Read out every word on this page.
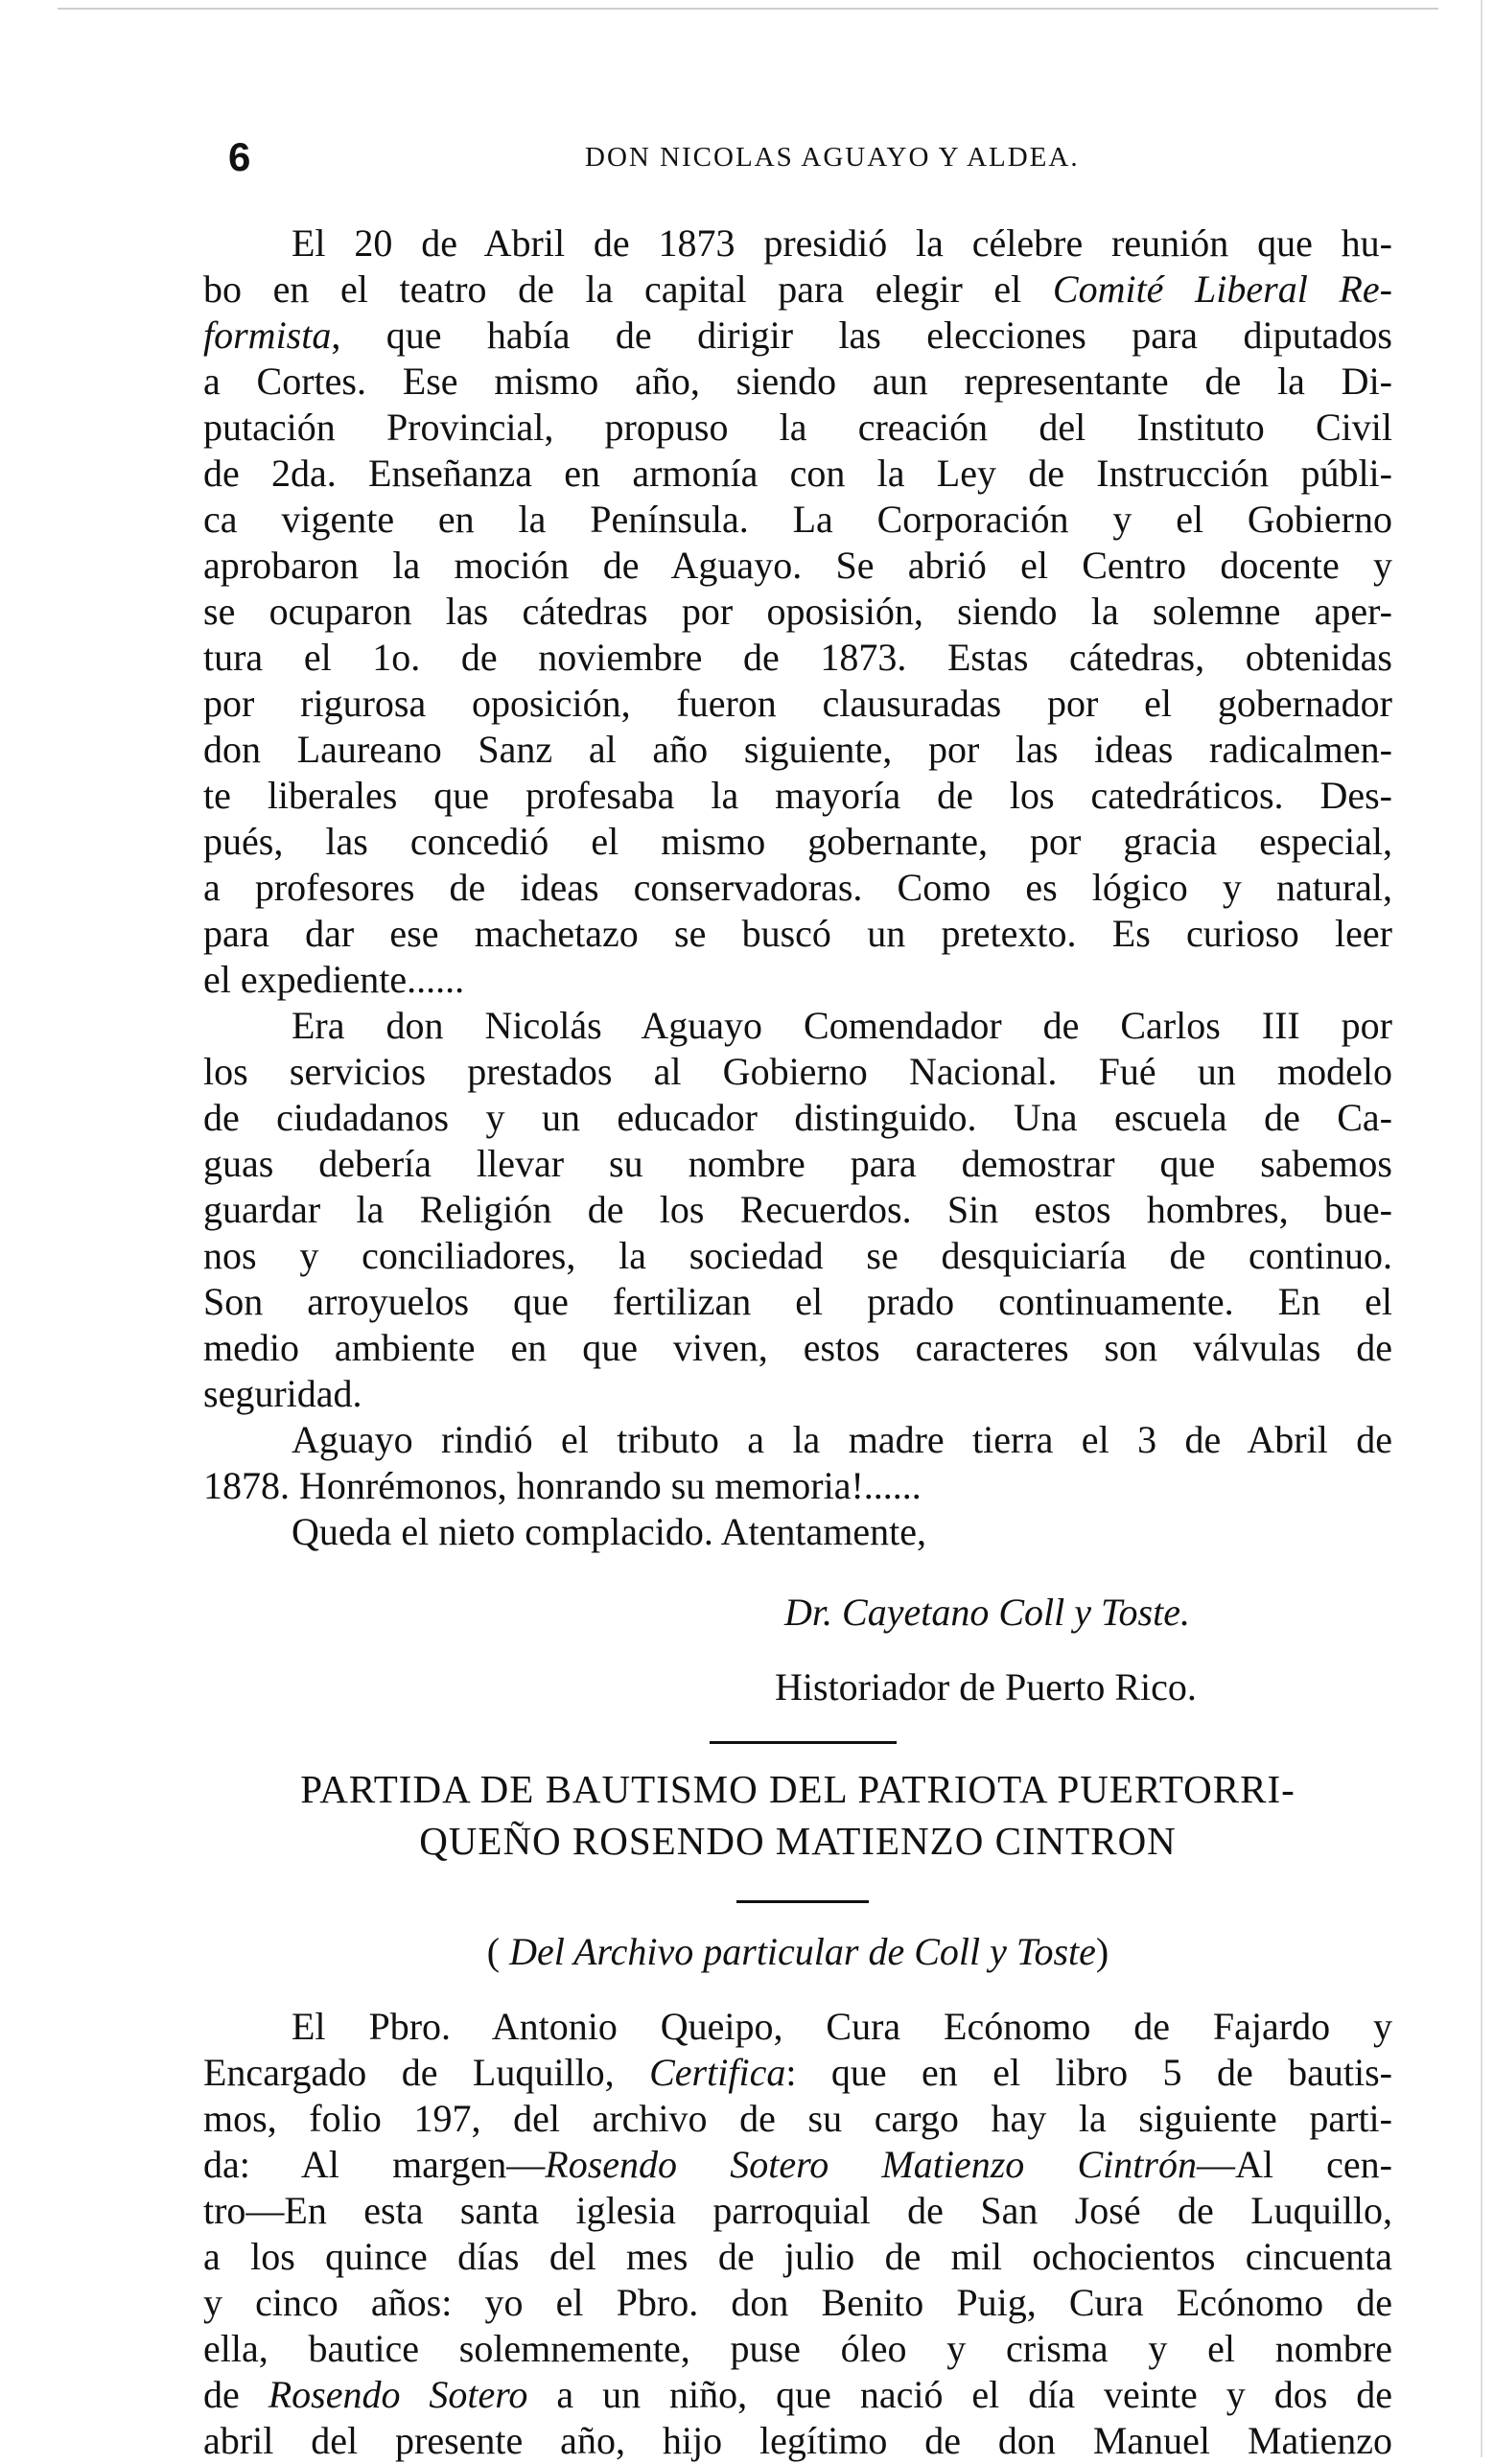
6	DON NICOLAS AGUAYO Y ALDEA.
El 20 de Abril de 1873 presidió la célebre reunión que hu-
bo en el teatro de la capital para elegir el Comité Liberal Re-
formista, que había de dirigir las elecciones para diputados
a Cortes. Ese mismo año, siendo aun representante de la Di-
putación Provincial, propuso la creación del Instituto Civil
de 2da. Enseñanza en armonía con la Ley de Instrucción públi-
ca vigente en la Península. La Corporación y el Gobierno
aprobaron la moción de Aguayo. Se abrió el Centro docente y
se ocuparon las cátedras por oposisión, siendo la solemne aper-
tura el 1o. de noviembre de 1873. Estas cátedras, obtenidas
por rigurosa oposición, fueron clausuradas por el gobernador
don Laureano Sanz al año siguiente, por las ideas radicalmen-
te liberales que profesaba la mayoría de los catedráticos. Des-
pués, las concedió el mismo gobernante, por gracia especial,
a profesores de ideas conservadoras. Como es lógico y natural,
para dar ese machetazo se buscó un pretexto. Es curioso leer
el expediente......
Era don Nicolás Aguayo Comendador de Carlos III por
los servicios prestados al Gobierno Nacional. Fué un modelo
de ciudadanos y un educador distinguido. Una escuela de Ca-
guas debería llevar su nombre para demostrar que sabemos
guardar la Religión de los Recuerdos. Sin estos hombres, bue-
nos y conciliadores, la sociedad se desquiciaría de continuo.
Son arroyuelos que fertilizan el prado continuamente. En el
medio ambiente en que viven, estos caracteres son válvulas de
seguridad.
Aguayo rindió el tributo a la madre tierra el 3 de Abril de
1878. Honrémonos, honrando su memoria!......
Queda el nieto complacido. Atentamente,
Dr. Cayetano Coll y Toste.
Historiador de Puerto Rico.
PARTIDA DE BAUTISMO DEL PATRIOTA PUERTORRI-
QUEÑO ROSENDO MATIENZO CINTRON
( Del Archivo particular de Coll y Toste)
El Pbro. Antonio Queipo, Cura Ecónomo de Fajardo y
Encargado de Luquillo, Certifica: que en el libro 5 de bautis-
mos, folio 197, del archivo de su cargo hay la siguiente parti-
da: Al margen—Rosendo Sotero Matienzo Cintrón—Al cen-
tro—En esta santa iglesia parroquial de San José de Luquillo,
a los quince días del mes de julio de mil ochocientos cincuenta
y cinco años: yo el Pbro. don Benito Puig, Cura Ecónomo de
ella, bautice solemnemente, puse óleo y crisma y el nombre
de Rosendo Sotero a un niño, que nació el día veinte y dos de
abril del presente año, hijo legítimo de don Manuel Matienzo
